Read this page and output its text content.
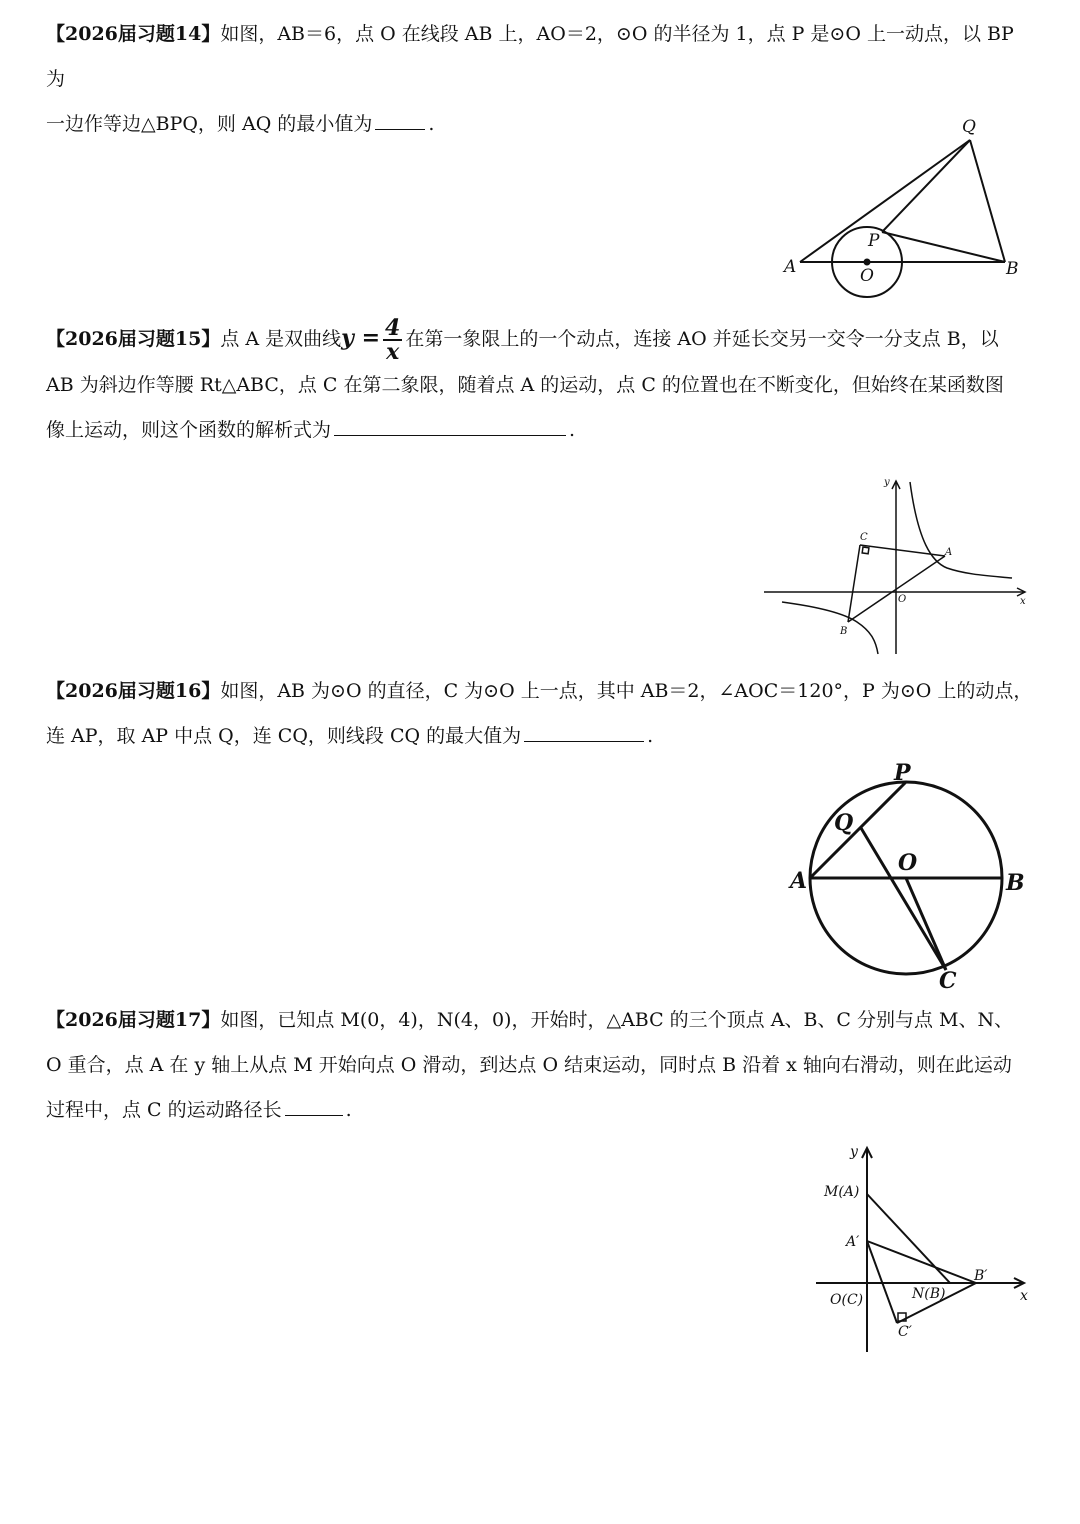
【2026届习题14】如图，AB＝6，点 O 在线段 AB 上，AO＝2，⊙O 的半径为 1，点 P 是⊙O 上一动点，以 BP 为

一边作等边△BPQ，则 AQ 的最小值为	.	Q
P
A	O	B

【2026届习题15】点 A 是双曲线$y = \frac{4}{x}$ 在第一象限上的一个动点，连接 AO 并延长交另一交令一分支点 B，以

AB 为斜边作等腰 Rt△ABC，点 C 在第二象限，随着点 A 的运动，点 C 的位置也在不断变化，但始终在某函数图

像上运动，则这个函数的解析式为	.

y
x
C
A
O
B

【2026届习题16】如图，AB 为⊙O 的直径，C 为⊙O 上一点，其中 AB＝2，∠AOC＝120°，P 为⊙O 上的动点，

连 AP，取 AP 中点 Q，连 CQ，则线段 CQ 的最大值为	.

P
Q
O
A	B
C

【2026届习题17】如图，已知点 M(0，4)，N(4，0)，开始时，△ABC 的三个顶点 A、B、C 分别与点 M、N、

O 重合，点 A 在 y 轴上从点 M 开始向点 O 滑动，到达点 O 结束运动，同时点 B 沿着 x 轴向右滑动，则在此运动

过程中，点 C 的运动路径长	.

y
x
M(A)
A′
B′
N(B)
O(C)
C′
